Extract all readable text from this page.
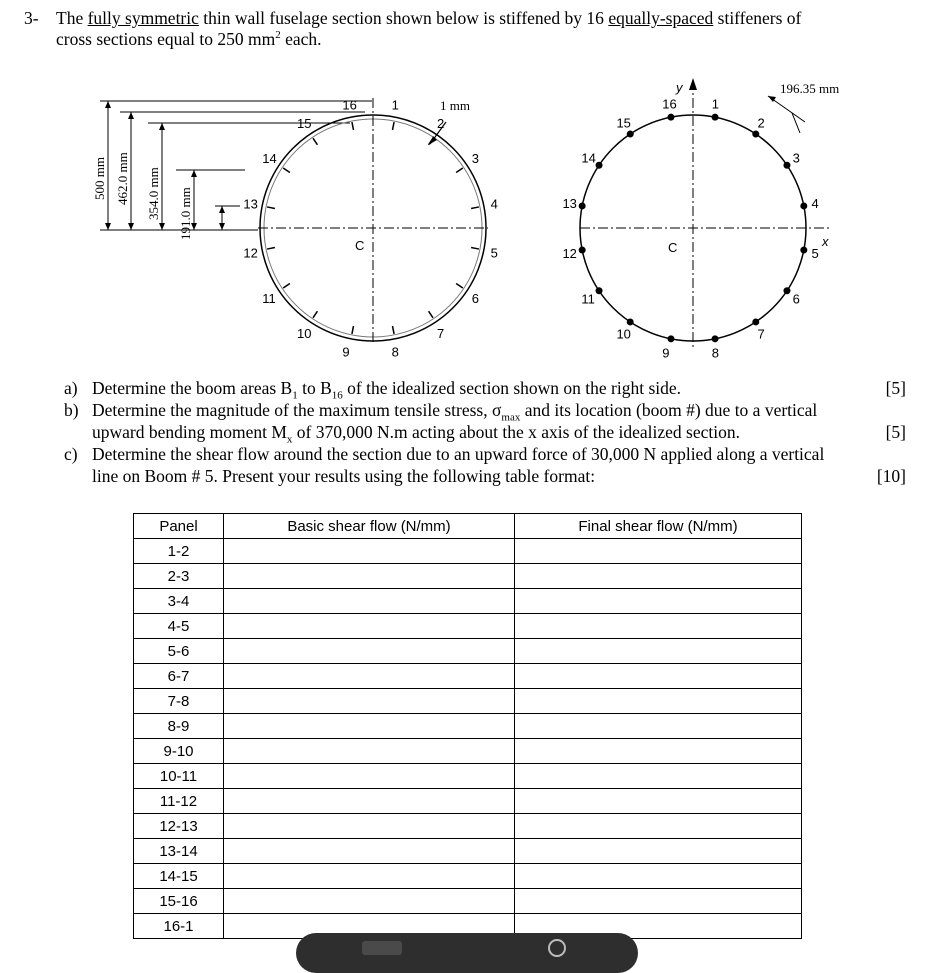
3- The fully symmetric thin wall fuselage section shown below is stiffened by 16 equally-spaced stiffeners of
cross sections equal to 250 $mm^2$ each.
500 mm 462.0 mm 354.0 mm 191.0 mm
1 mm
C
1
2
3
4
5
6
7
8
9
10
11
12
13
14
15
16
y
x
C
196.35 mm
1
2
3
4
5
6
7
8
9
10
11
12
13
14
15
16
a) Determine the boom areas $B_1$ to $B_{16}$ of the idealized section shown on the right side.	[5]
b) Determine the magnitude of the maximum tensile stress, $\sigma_{max}$ and its location (boom #) due to a vertical
upward bending moment $M_x$ of 370,000 N.m acting about the x axis of the idealized section.	[5]
c) Determine the shear flow around the section due to an upward force of 30,000 N applied along a vertical
line on Boom # 5. Present your results using the following table format:	[10]
Panel	Basic shear flow (N/mm)	Final shear flow (N/mm)
1-2		
2-3		
3-4		
4-5		
5-6		
6-7		
7-8		
8-9		
9-10		
10-11		
11-12		
12-13		
13-14		
14-15		
15-16		
16-1		
